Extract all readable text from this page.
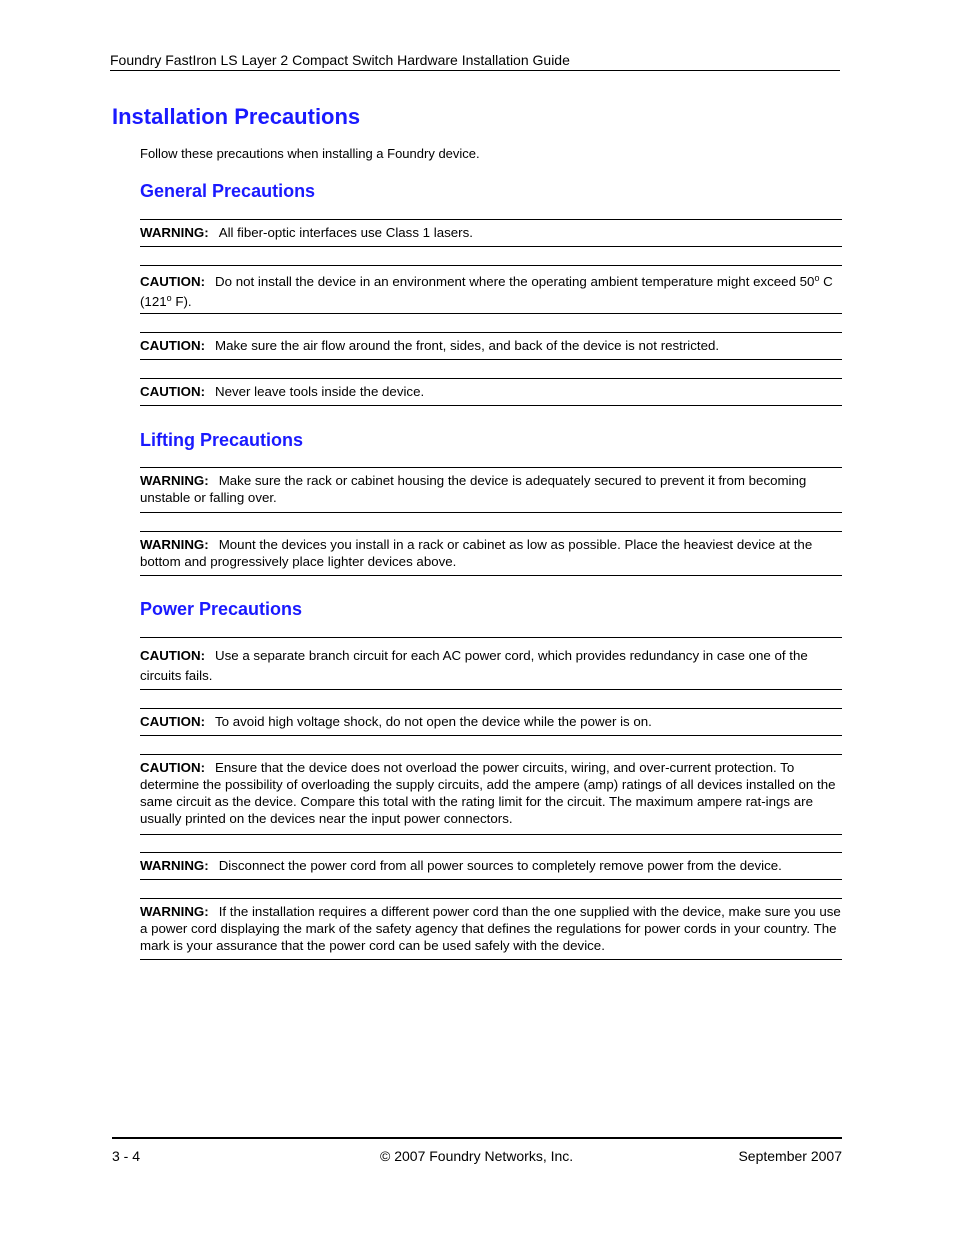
Foundry FastIron LS Layer 2 Compact Switch Hardware Installation Guide
Installation Precautions
Follow these precautions when installing a Foundry device.
General Precautions
WARNING: All fiber-optic interfaces use Class 1 lasers.
CAUTION: Do not install the device in an environment where the operating ambient temperature might exceed 50$^o$ C (121$^o$ F).
CAUTION: Make sure the air flow around the front, sides, and back of the device is not restricted.
CAUTION: Never leave tools inside the device.
Lifting Precautions
WARNING: Make sure the rack or cabinet housing the device is adequately secured to prevent it from becoming unstable or falling over.
WARNING: Mount the devices you install in a rack or cabinet as low as possible. Place the heaviest device at the bottom and progressively place lighter devices above.
Power Precautions
CAUTION: Use a separate branch circuit for each AC power cord, which provides redundancy in case one of the circuits fails.
CAUTION: To avoid high voltage shock, do not open the device while the power is on.
CAUTION: Ensure that the device does not overload the power circuits, wiring, and over-current protection. To determine the possibility of overloading the supply circuits, add the ampere (amp) ratings of all devices installed on the same circuit as the device. Compare this total with the rating limit for the circuit. The maximum ampere rat-ings are usually printed on the devices near the input power connectors.
WARNING: Disconnect the power cord from all power sources to completely remove power from the device.
WARNING: If the installation requires a different power cord than the one supplied with the device, make sure you use a power cord displaying the mark of the safety agency that defines the regulations for power cords in your country. The mark is your assurance that the power cord can be used safely with the device.
3 - 4	© 2007 Foundry Networks, Inc.	September 2007
